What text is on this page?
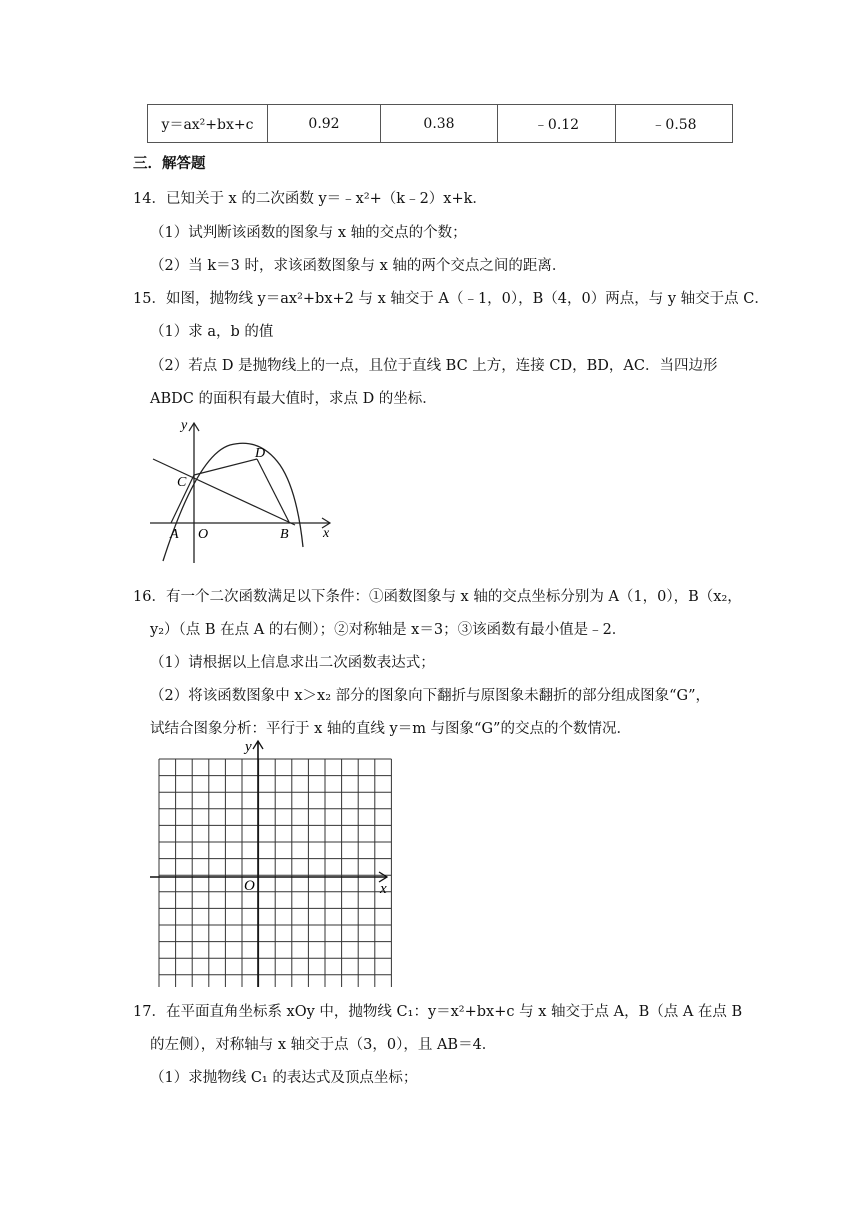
y＝ax²+bx+c	0.92	0.38	﹣0.12	﹣0.58
三．解答题
14．已知关于 x 的二次函数 y＝﹣x²+（k﹣2）x+k．
（1）试判断该函数的图象与 x 轴的交点的个数；
（2）当 k＝3 时，求该函数图象与 x 轴的两个交点之间的距离．
15．如图，抛物线 y＝ax²+bx+2 与 x 轴交于 A（﹣1，0），B（4，0）两点，与 y 轴交于点 C．
（1）求 a，b 的值
（2）若点 D 是抛物线上的一点，且位于直线 BC 上方，连接 CD，BD，AC．当四边形
ABDC 的面积有最大值时，求点 D 的坐标．
y
x
C
D
A O	B
16．有一个二次函数满足以下条件：①函数图象与 x 轴的交点坐标分别为 A（1，0），B（x₂，
y₂）（点 B 在点 A 的右侧）；②对称轴是 x＝3；③该函数有最小值是﹣2．
（1）请根据以上信息求出二次函数表达式；
（2）将该函数图象中 x＞x₂ 部分的图象向下翻折与原图象未翻折的部分组成图象“G”，
试结合图象分析：平行于 x 轴的直线 y＝m 与图象“G”的交点的个数情况．
y
x
O
17．在平面直角坐标系 xOy 中，抛物线 C₁：y＝x²+bx+c 与 x 轴交于点 A，B（点 A 在点 B
的左侧），对称轴与 x 轴交于点（3，0），且 AB＝4．
（1）求抛物线 C₁ 的表达式及顶点坐标；
